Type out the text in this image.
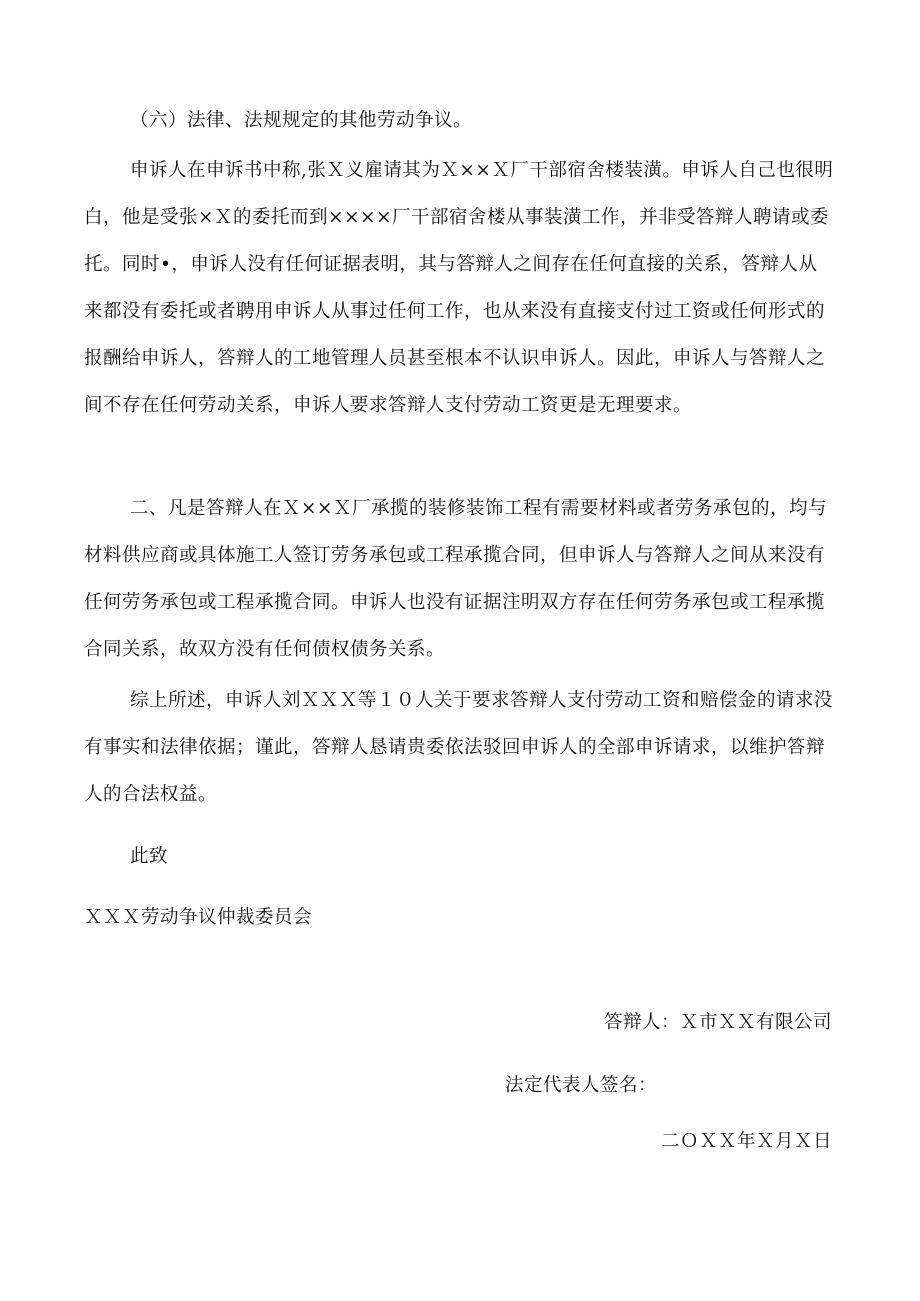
（六）法律、法规规定的其他劳动争议。
申诉人在申诉书中称,张Ｘ义雇请其为Ｘ××Ｘ厂干部宿舍楼装潢。申诉人自己也很明白，他是受张×Ｘ的委托而到××××厂干部宿舍楼从事装潢工作，并非受答辩人聘请或委托。同时•，申诉人没有任何证据表明，其与答辩人之间存在任何直接的关系，答辩人从来都没有委托或者聘用申诉人从事过任何工作，也从来没有直接支付过工资或任何形式的报酬给申诉人，答辩人的工地管理人员甚至根本不认识申诉人。因此，申诉人与答辩人之间不存在任何劳动关系，申诉人要求答辩人支付劳动工资更是无理要求。
二、凡是答辩人在Ｘ××Ｘ厂承揽的装修装饰工程有需要材料或者劳务承包的，均与材料供应商或具体施工人签订劳务承包或工程承揽合同，但申诉人与答辩人之间从来没有任何劳务承包或工程承揽合同。申诉人也没有证据注明双方存在任何劳务承包或工程承揽合同关系，故双方没有任何债权债务关系。
综上所述，申诉人刘ＸＸＸ等１０人关于要求答辩人支付劳动工资和赔偿金的请求没有事实和法律依据；谨此，答辩人恳请贵委依法驳回申诉人的全部申诉请求，以维护答辩人的合法权益。
此致
ＸＸＸ劳动争议仲裁委员会
答辩人：Ｘ市ＸＸ有限公司
法定代表人签名：
二ＯＸＸ年Ｘ月Ｘ日
